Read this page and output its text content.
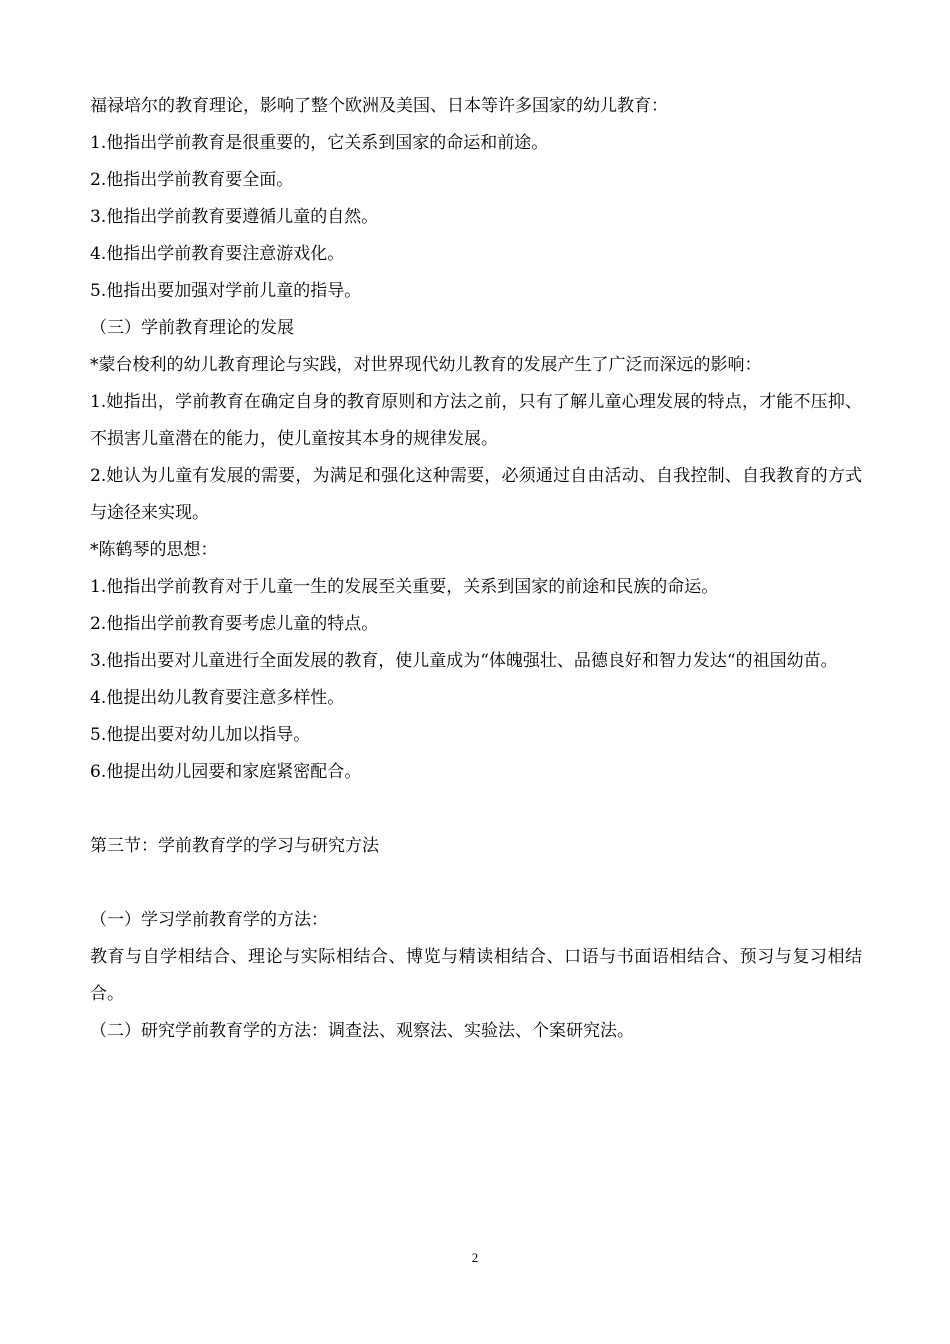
福禄培尔的教育理论，影响了整个欧洲及美国、日本等许多国家的幼儿教育：
1.他指出学前教育是很重要的，它关系到国家的命运和前途。
2.他指出学前教育要全面。
3.他指出学前教育要遵循儿童的自然。
4.他指出学前教育要注意游戏化。
5.他指出要加强对学前儿童的指导。
（三）学前教育理论的发展
*蒙台梭利的幼儿教育理论与实践，对世界现代幼儿教育的发展产生了广泛而深远的影响：
1.她指出，学前教育在确定自身的教育原则和方法之前，只有了解儿童心理发展的特点，才能不压抑、不损害儿童潜在的能力，使儿童按其本身的规律发展。
2.她认为儿童有发展的需要，为满足和强化这种需要，必须通过自由活动、自我控制、自我教育的方式与途径来实现。
*陈鹤琴的思想：
1.他指出学前教育对于儿童一生的发展至关重要，关系到国家的前途和民族的命运。
2.他指出学前教育要考虑儿童的特点。
3.他指出要对儿童进行全面发展的教育，使儿童成为“体魄强壮、品德良好和智力发达“的祖国幼苗。
4.他提出幼儿教育要注意多样性。
5.他提出要对幼儿加以指导。
6.他提出幼儿园要和家庭紧密配合。
第三节：学前教育学的学习与研究方法
（一）学习学前教育学的方法：
教育与自学相结合、理论与实际相结合、博览与精读相结合、口语与书面语相结合、预习与复习相结合。
（二）研究学前教育学的方法：调查法、观察法、实验法、个案研究法。
2
